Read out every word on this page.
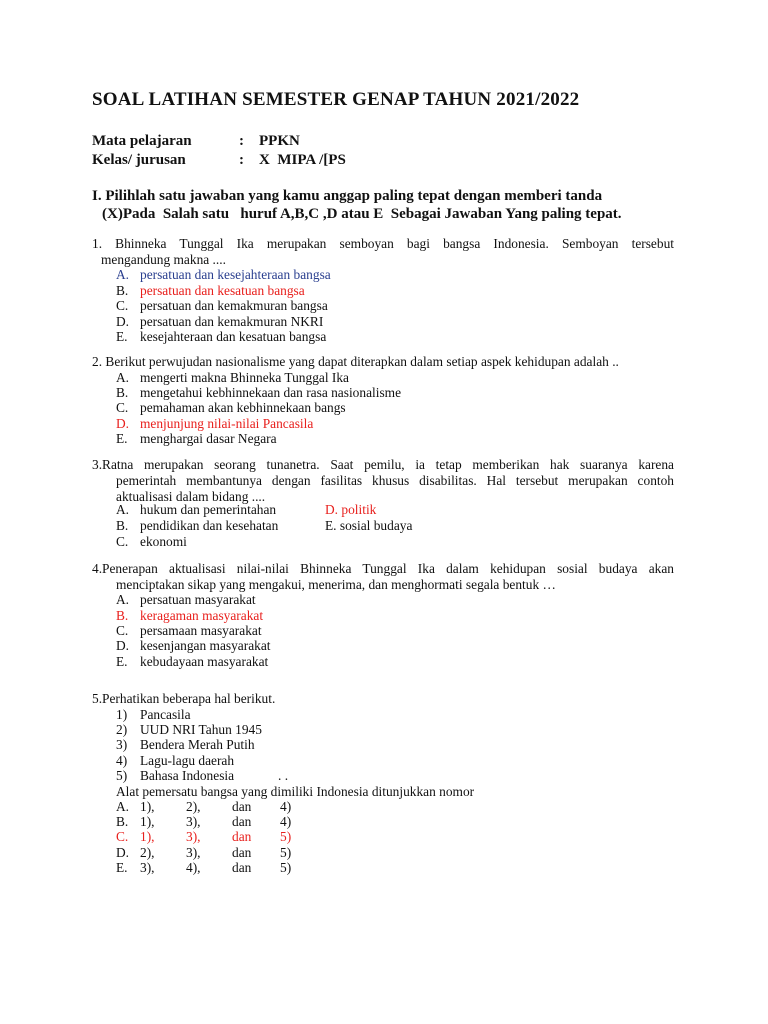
SOAL LATIHAN SEMESTER GENAP TAHUN 2021/2022
Mata pelajaran	: PPKN
Kelas/ jurusan	: X  MIPA /[PS
I. Pilihlah satu jawaban yang kamu anggap paling tepat dengan memberi tanda
(X)Pada  Salah satu   huruf A,B,C ,D atau E  Sebagai Jawaban Yang paling tepat.
1. Bhinneka Tunggal Ika merupakan semboyan bagi bangsa Indonesia. Semboyan tersebut
mengandung makna ....
A. persatuan dan kesejahteraan bangsa
B. persatuan dan kesatuan bangsa
C. persatuan dan kemakmuran bangsa
D. persatuan dan kemakmuran NKRI
E. kesejahteraan dan kesatuan bangsa
2. Berikut perwujudan nasionalisme yang dapat diterapkan dalam setiap aspek kehidupan adalah ..
A. mengerti makna Bhinneka Tunggal Ika
B. mengetahui kebhinnekaan dan rasa nasionalisme
C. pemahaman akan kebhinnekaan bangs
D. menjunjung nilai-nilai Pancasila
E. menghargai dasar Negara
3.Ratna merupakan seorang tunanetra. Saat pemilu, ia tetap memberikan hak suaranya karena
pemerintah membantunya dengan fasilitas khusus disabilitas. Hal tersebut merupakan contoh
aktualisasi dalam bidang ....
A. hukum dan pemerintahan	D. politik
B. pendidikan dan kesehatan	E. sosial budaya
C. ekonomi
4.Penerapan aktualisasi nilai-nilai Bhinneka Tunggal Ika dalam kehidupan sosial budaya akan
menciptakan sikap yang mengakui, menerima, dan menghormati segala bentuk …
A. persatuan masyarakat
B. keragaman masyarakat
C. persamaan masyarakat
D. kesenjangan masyarakat
E. kebudayaan masyarakat
5.Perhatikan beberapa hal berikut.
1) Pancasila
2) UUD NRI Tahun 1945
3) Bendera Merah Putih
4) Lagu-lagu daerah
5) Bahasa Indonesia	. .
Alat pemersatu bangsa yang dimiliki Indonesia ditunjukkan nomor
A. 1), 2), dan 4)
B. 1), 3), dan 4)
C. 1), 3), dan 5)
D. 2), 3), dan 5)
E. 3), 4), dan 5)
